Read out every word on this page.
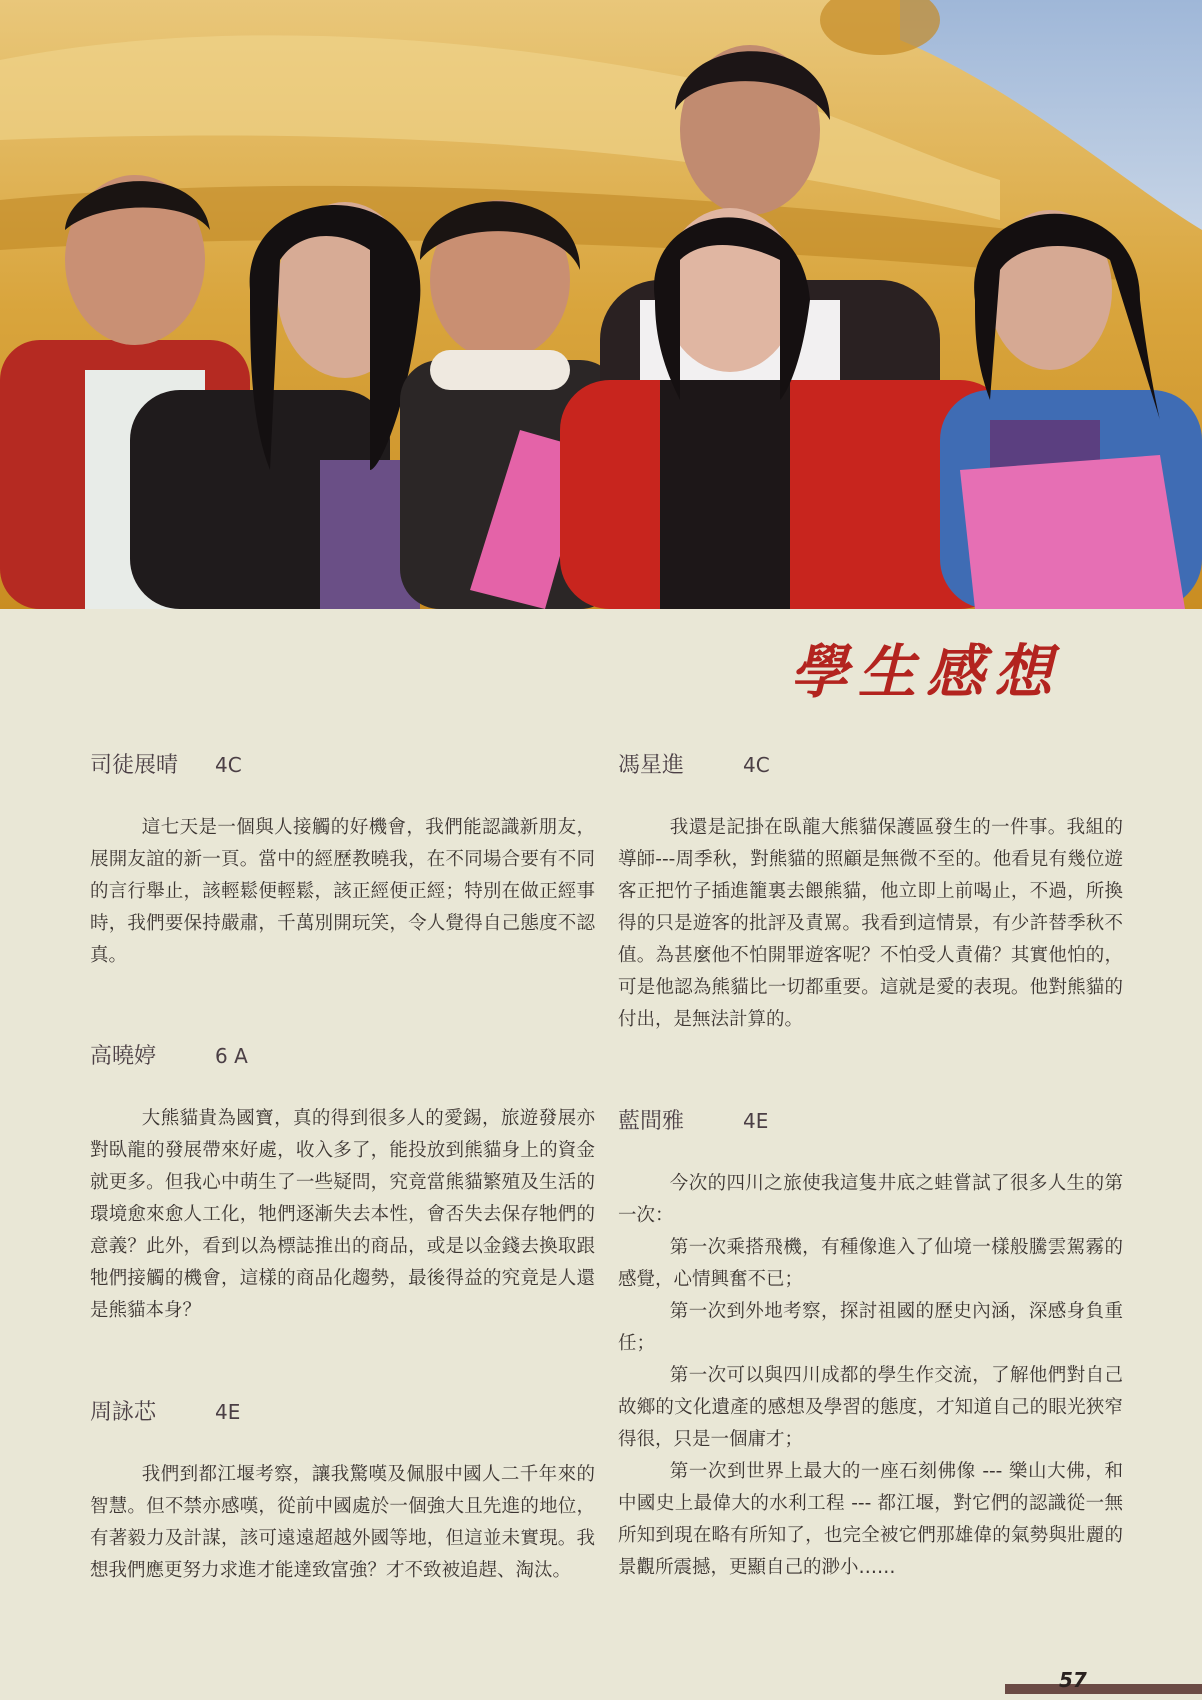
學生感想
司徒展晴 4C

這七天是一個與人接觸的好機會，我們能認識新朋友，展開友誼的新一頁。當中的經歷教曉我，在不同場合要有不同的言行舉止，該輕鬆便輕鬆，該正經便正經；特別在做正經事時，我們要保持嚴肅，千萬別開玩笑，令人覺得自己態度不認真。

高曉婷	6 A

大熊貓貴為國寶，真的得到很多人的愛錫，旅遊發展亦對臥龍的發展帶來好處，收入多了，能投放到熊貓身上的資金就更多。但我心中萌生了一些疑問，究竟當熊貓繁殖及生活的環境愈來愈人工化，牠們逐漸失去本性，會否失去保存牠們的意義？此外，看到以為標誌推出的商品，或是以金錢去換取跟牠們接觸的機會，這樣的商品化趨勢，最後得益的究竟是人還是熊貓本身？

周詠芯	4E

我們到都江堰考察，讓我驚嘆及佩服中國人二千年來的智慧。但不禁亦感嘆，從前中國處於一個強大且先進的地位，有著毅力及計謀，該可遠遠超越外國等地，但這並未實現。我想我們應更努力求進才能達致富強？才不致被追趕、淘汰。

馮星進	4C

我還是記掛在臥龍大熊貓保護區發生的一件事。我組的導師---周季秋，對熊貓的照顧是無微不至的。他看見有幾位遊客正把竹子插進籠裏去餵熊貓，他立即上前喝止，不過，所換得的只是遊客的批評及責罵。我看到這情景，有少許替季秋不值。為甚麼他不怕開罪遊客呢？不怕受人責備？其實他怕的，可是他認為熊貓比一切都重要。這就是愛的表現。他對熊貓的付出，是無法計算的。

藍間雅	4E

今次的四川之旅使我這隻井底之蛙嘗試了很多人生的第一次：

第一次乘搭飛機，有種像進入了仙境一樣般騰雲駕霧的感覺，心情興奮不已；

第一次到外地考察，探討祖國的歷史內涵，深感身負重任；

第一次可以與四川成都的學生作交流，了解他們對自己故鄉的文化遺產的感想及學習的態度，才知道自己的眼光狹窄得很，只是一個庸才；

第一次到世界上最大的一座石刻佛像 --- 樂山大佛，和中國史上最偉大的水利工程 --- 都江堰，對它們的認識從一無所知到現在略有所知了，也完全被它們那雄偉的氣勢與壯麗的景觀所震撼，更顯自己的渺小……

57
